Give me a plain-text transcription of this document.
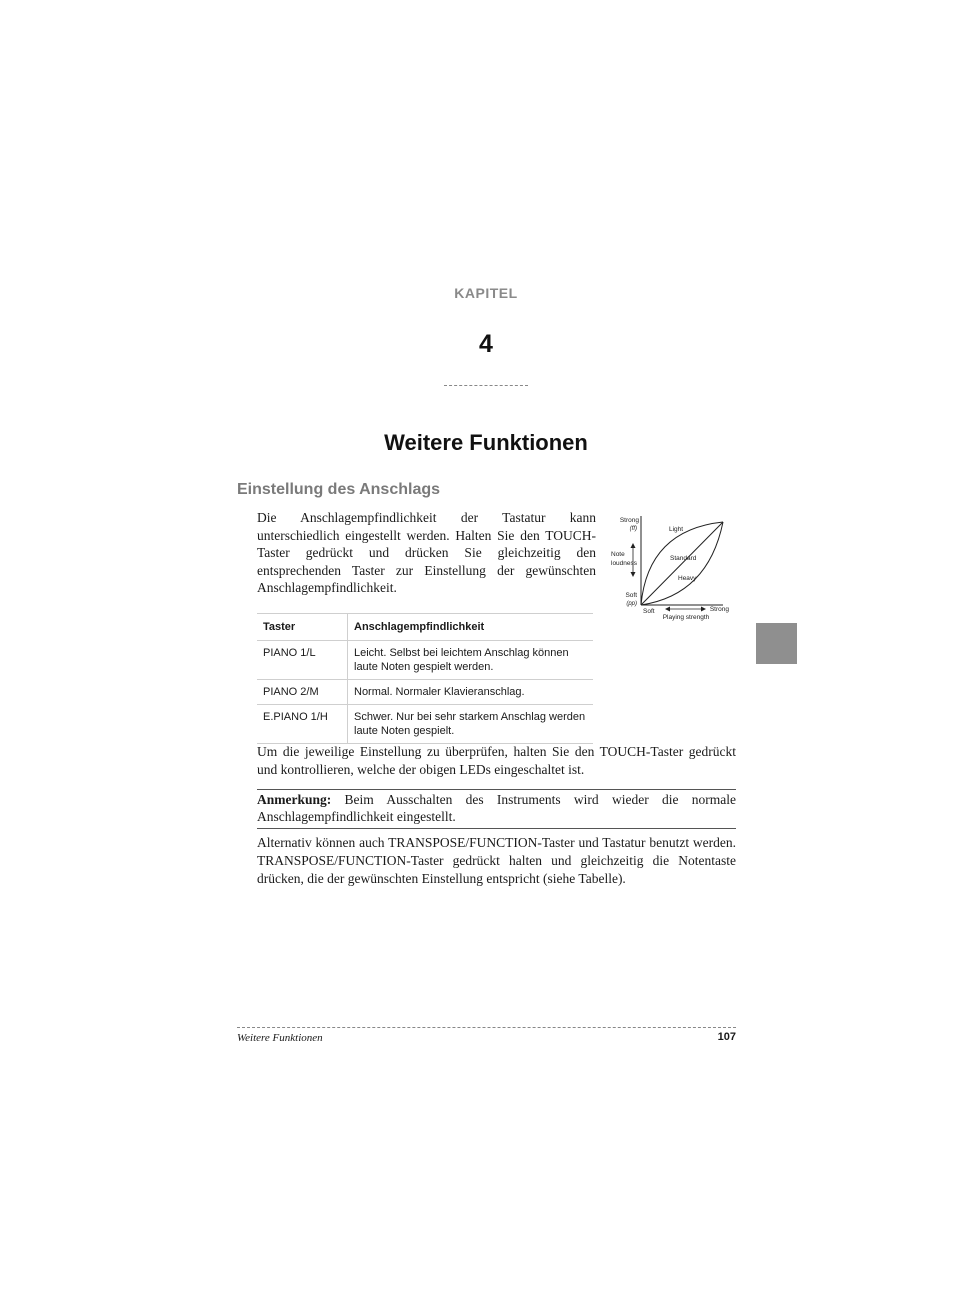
KAPITEL
4
Weitere Funktionen
Einstellung des Anschlags
Die Anschlagempfindlichkeit der Tastatur kann unterschiedlich eingestellt werden. Halten Sie den TOUCH-Taster gedrückt und drücken Sie gleichzeitig den entsprechenden Taster zur Einstellung der gewünschten Anschlagempfindlichkeit.
Strong
(ff)
Note
loudness
Soft
(pp)
Soft	Strong
Playing strength
Light
Standard
Heavy
Taster	Anschlagempfindlichkeit
PIANO 1/L	Leicht. Selbst bei leichtem Anschlag können laute Noten gespielt werden.
PIANO 2/M	Normal. Normaler Klavieranschlag.
E.PIANO 1/H	Schwer. Nur bei sehr starkem Anschlag werden laute Noten gespielt.
Um die jeweilige Einstellung zu überprüfen, halten Sie den TOUCH-Taster gedrückt und kontrollieren, welche der obigen LEDs eingeschaltet ist.
Anmerkung: Beim Ausschalten des Instruments wird wieder die normale Anschlagempfindlichkeit eingestellt.
Alternativ können auch TRANSPOSE/FUNCTION-Taster und Tastatur benutzt werden. TRANSPOSE/FUNCTION-Taster gedrückt halten und gleichzeitig die Notentaste drücken, die der gewünschten Einstellung entspricht (siehe Tabelle).
Weitere Funktionen	107
